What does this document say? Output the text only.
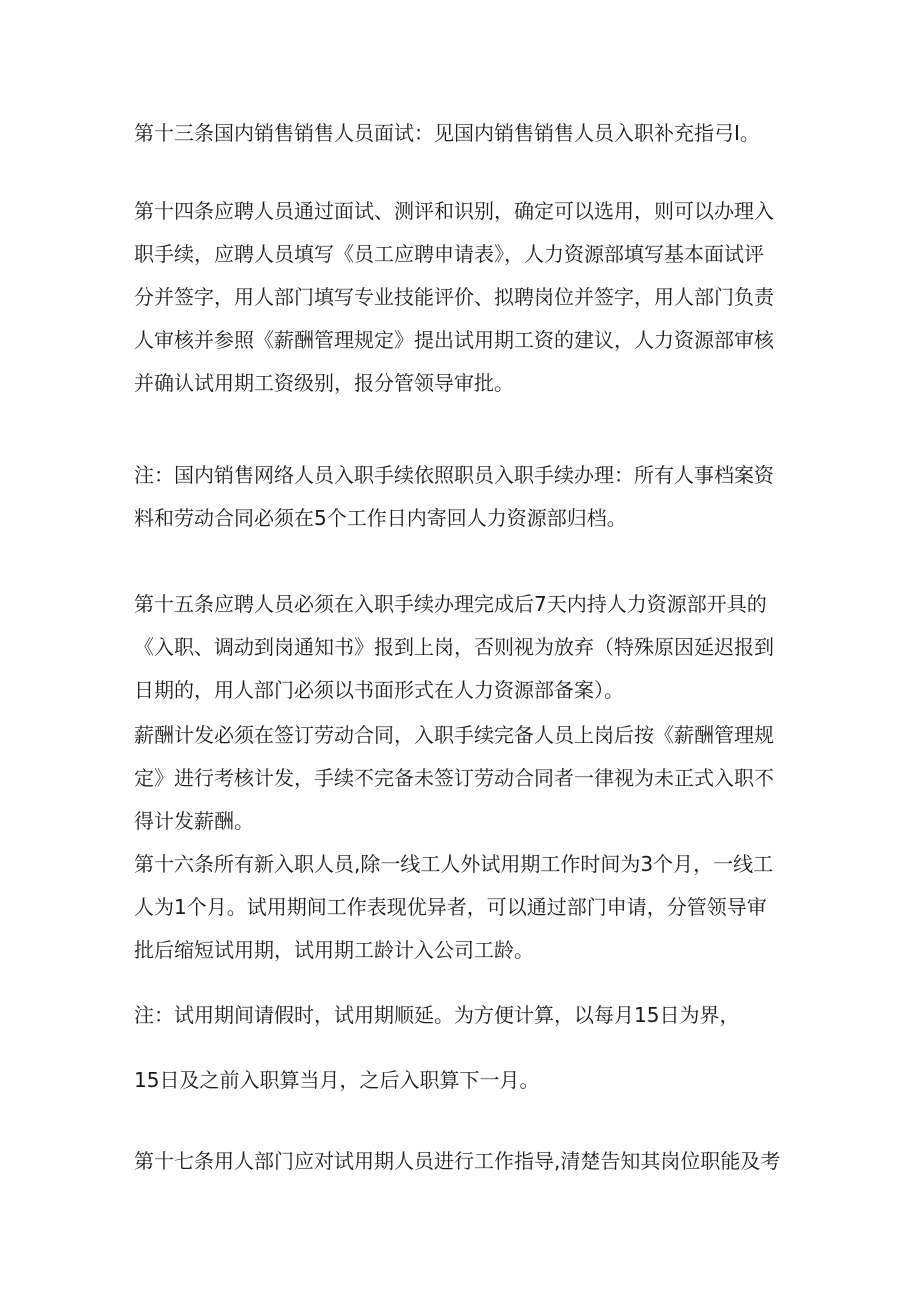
第十三条国内销售销售人员面试：见国内销售销售人员入职补充指弓I。
第十四条应聘人员通过面试、测评和识别，确定可以选用，则可以办理入
职手续，应聘人员填写《员工应聘申请表》，人力资源部填写基本面试评
分并签字，用人部门填写专业技能评价、拟聘岗位并签字，用人部门负责
人审核并参照《薪酬管理规定》提出试用期工资的建议，人力资源部审核
并确认试用期工资级别，报分管领导审批。
注：国内销售网络人员入职手续依照职员入职手续办理：所有人事档案资
料和劳动合同必须在5个工作日内寄回人力资源部归档。
第十五条应聘人员必须在入职手续办理完成后7天内持人力资源部开具的
《入职、调动到岗通知书》报到上岗，否则视为放弃（特殊原因延迟报到
日期的，用人部门必须以书面形式在人力资源部备案）。
薪酬计发必须在签订劳动合同，入职手续完备人员上岗后按《薪酬管理规
定》进行考核计发，手续不完备未签订劳动合同者一律视为未正式入职不
得计发薪酬。
第十六条所有新入职人员,除一线工人外试用期工作时间为3个月，一线工
人为1个月。试用期间工作表现优异者，可以通过部门申请，分管领导审
批后缩短试用期，试用期工龄计入公司工龄。
注：试用期间请假时，试用期顺延。为方便计算，以每月15日为界，
15日及之前入职算当月，之后入职算下一月。
第十七条用人部门应对试用期人员进行工作指导,清楚告知其岗位职能及考
